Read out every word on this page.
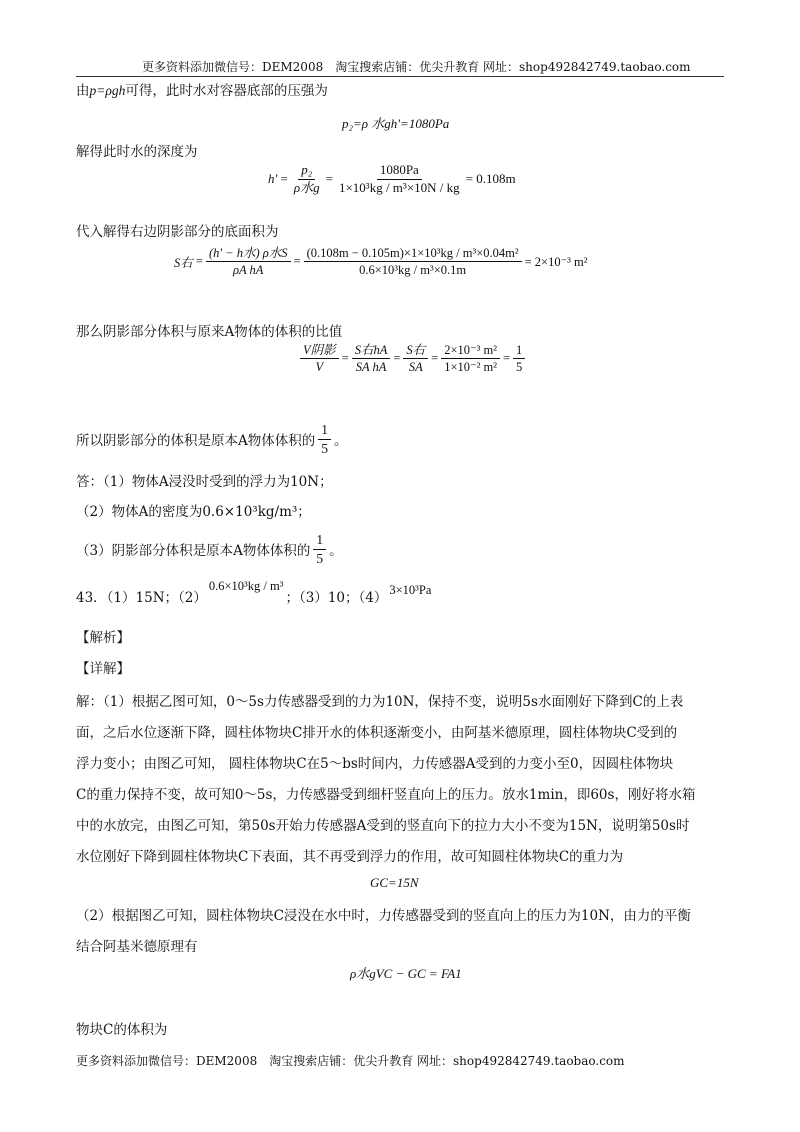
更多资料添加微信号：DEM2008　淘宝搜索店铺：优尖升教育 网址：shop492842749.taobao.com
由p=ρgh可得，此时水对容器底部的压强为
p₂=ρ 水gh'=1080Pa
解得此时水的深度为
$h' = \frac{\text{p₂}}{\text{ρ水g}} = \frac{1080Pa}{\text{1×10³kg / m³×10N / kg}} = 0.108m$
代入解得右边阴影部分的底面积为
S右 = $\frac{\text{(h' − h水) ρ水S}}{\text{ρA hA}} = \frac{\text{(0.108m − 0.105m)×1×10³kg / m³×0.04m²}}{\text{0.6×10³kg / m³×0.1m}} = 2\times 10^{-3}$ m²
那么阴影部分体积与原来A物体的体积的比值
$\frac{\text{V阴影}}{V} = \frac{\text{S右hA}}{\text{SA hA}} = \frac{\text{S右}}{SA} = \frac{\text{2×10⁻³ m²}}{\text{1×10⁻² m²}} = \frac{1}{5}$
所以阴影部分的体积是原本A物体体积的 $\frac{1}{5}$ 。
答：（1）物体A浸没时受到的浮力为10N；
（2）物体A的密度为0.6×10³kg/m³；
（3）阴影部分体积是原本A物体体积的 $\frac{1}{5}$ 。
43．（1）15N；（2）
0.6×10³kg / m³
；（3）10；（4） 3×10³Pa
【解析】
【详解】
解：（1）根据乙图可知，0～5s力传感器受到的力为10N，保持不变，说明5s水面刚好下降到C的上表
面，之后水位逐渐下降，圆柱体物块C排开水的体积逐渐变小，由阿基米德原理，圆柱体物块C受到的
浮力变小；由图乙可知， 圆柱体物块C在5～bs时间内，力传感器A受到的力变小至0，因圆柱体物块
C的重力保持不变，故可知0～5s，力传感器受到细杆竖直向上的压力。放水1min，即60s，刚好将水箱
中的水放完，由图乙可知，第50s开始力传感器A受到的竖直向下的拉力大小不变为15N，说明第50s时
水位刚好下降到圆柱体物块C下表面，其不再受到浮力的作用，故可知圆柱体物块C的重力为
GC=15N
（2）根据图乙可知，圆柱体物块C浸没在水中时，力传感器受到的竖直向上的压力为10N，由力的平衡
结合阿基米德原理有
ρ水gVC − GC = FA1
物块C的体积为
更多资料添加微信号：DEM2008　淘宝搜索店铺：优尖升教育 网址：shop492842749.taobao.com
